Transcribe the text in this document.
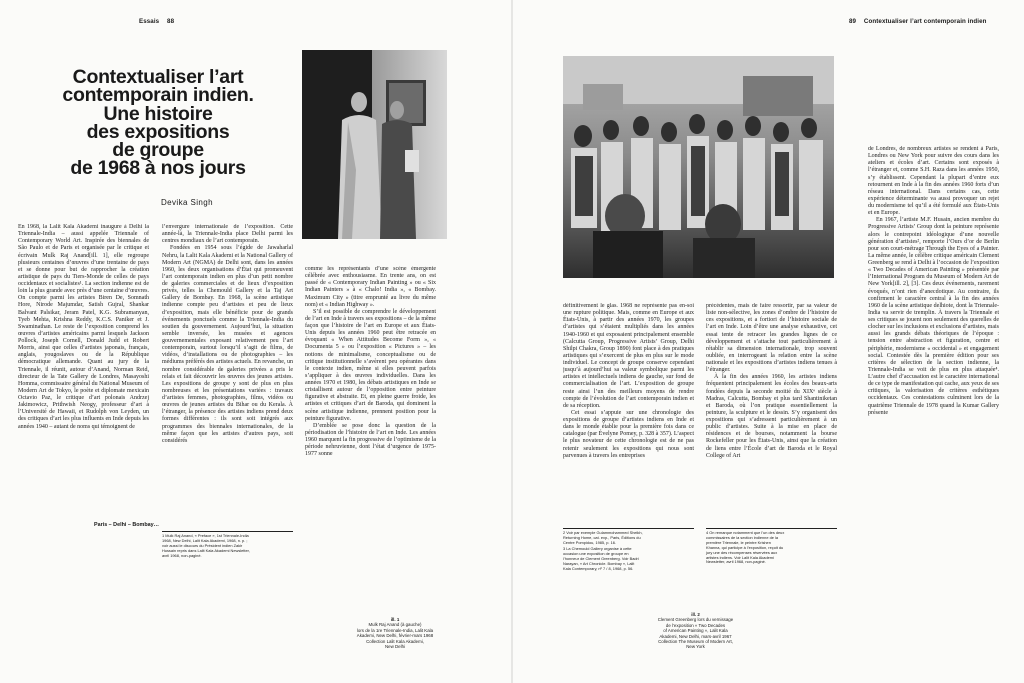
Essais 88
Contextualiser l’art
contemporain indien.
Une histoire
des expositions
de groupe
de 1968 à nos jours
Devika Singh

En 1968, la Lalit Kala Akademi inaugure à Delhi la Triennale-India – aussi appelée Triennale of Contemporary World Art. Inspirée des biennales de São Paulo et de Paris et organisée par le critique et écrivain Mulk Raj Anand[ill. 1], elle regroupe plusieurs centaines d’œuvres d’une trentaine de pays et se donne pour but de rapprocher la création artistique de pays du Tiers-Monde de celles de pays occidentaux et socialistes¹. La section indienne est de loin la plus grande avec près d’une centaine d’œuvres. On compte parmi les artistes Biren De, Somnath Hore, Nirode Majumdar, Satish Gujral, Shankar Balvant Palsikar, Jeram Patel, K.G. Subramanyan, Tyeb Mehta, Krishna Reddy, K.C.S. Paniker et J. Swaminathan. Le reste de l’exposition comprend les œuvres d’artistes américains parmi lesquels Jackson Pollock, Joseph Cornell, Donald Judd et Robert Morris, ainsi que celles d’artistes japonais, français, anglais, yougoslaves ou de la République démocratique allemande. Quant au jury de la Triennale, il réunit, autour d’Anand, Norman Reid, directeur de la Tate Gallery de Londres, Masayoshi Homma, commissaire général du National Museum of Modern Art de Tokyo, le poète et diplomate mexicain Octavio Paz, le critique d’art polonais Andrzej Jakimowicz, Prithwish Neogy, professeur d’art à l’Université de Hawaii, et Rudolph von Leyden, un des critiques d’art les plus influents en Inde depuis les années 1940 – autant de noms qui témoignent de

Paris – Delhi – Bombay…

l’envergure internationale de l’exposition. Cette année-là, la Triennale-India place Delhi parmi les centres mondiaux de l’art contemporain.

Fondées en 1954 sous l’égide de Jawaharlal Nehru, la Lalit Kala Akademi et la National Gallery of Modern Art (NGMA) de Delhi sont, dans les années 1960, les deux organisations d’État qui promeuvent l’art contemporain indien en plus d’un petit nombre de galeries commerciales et de lieux d’exposition privés, telles la Chemould Gallery et la Taj Art Gallery de Bombay. En 1968, la scène artistique indienne compte peu d’artistes et peu de lieux d’exposition, mais elle bénéficie pour de grands événements ponctuels comme la Triennale-India du soutien du gouvernement. Aujourd’hui, la situation semble inversée, les musées et agences gouvernementales exposant relativement peu l’art contemporain, surtout lorsqu’il s’agit de films, de vidéos, d’installations ou de photographies – les médiums préférés des artistes actuels. En revanche, un nombre considérable de galeries privées a pris le relais et fait découvrir les œuvres des jeunes artistes. Les expositions de groupe y sont de plus en plus nombreuses et les présentations variées : travaux d’artistes femmes, photographies, films, vidéos ou œuvres de jeunes artistes du Bihar ou du Kerala. À l’étranger, la présence des artistes indiens prend deux formes différentes : ils sont soit intégrés aux programmes des biennales internationales, de la même façon que les artistes d’autres pays, soit considérés

comme les représentants d’une scène émergente célébrée avec enthousiasme. En trente ans, on est passé de « Contemporary Indian Painting » ou « Six Indian Painters » à « Chalo! India », « Bombay. Maximum City » (titre emprunté au livre du même nom) et « Indian Highway ».

S’il est possible de comprendre le développement de l’art en Inde à travers ses expositions – de la même façon que l’histoire de l’art en Europe et aux États-Unis depuis les années 1960 peut être retracée en évoquant « When Attitudes Become Form », « Documenta 5 » ou l’exposition « Pictures » – les notions de minimalisme, conceptualisme ou de critique institutionnelle s’avèrent peu opérantes dans le contexte indien, même si elles peuvent parfois s’appliquer à des œuvres individuelles. Dans les années 1970 et 1980, les débats artistiques en Inde se cristallisent autour de l’opposition entre peinture figurative et abstraite. Et, en pleine guerre froide, les artistes et critiques d’art de Baroda, qui dominent la scène artistique indienne, prennent position pour la peinture figurative.

D’emblée se pose donc la question de la périodisation de l’histoire de l’art en Inde. Les années 1960 marquent la fin progressive de l’optimisme de la période nehruvienne, dont l’état d’urgence de 1975-1977 sonne

1 Mulk Raj Anand, « Preface », 1st Triennale-India 1968, New Delhi, Lalit Kala Akademi, 1968, n. p. ; voir aussi le discours du Président indien Zakir Hussain repris dans Lalit Kala Akademi Newsletter, avril 1968, non-paginé.

ill. 1
Mulk Raj Anand (à gauche)
lors de la 1re Triennale-India, Lalit Kala
Akademi, New Delhi, février-mars 1968
Collection Lalit Kala Akademi,
New Delhi
89 Contextualiser l’art contemporain indien

définitivement le glas. 1968 ne représente pas en-soi une rupture politique. Mais, comme en Europe et aux États-Unis, à partir des années 1970, les groupes d’artistes qui s’étaient multipliés dans les années 1940-1960 et qui exposaient principalement ensemble (Calcutta Group, Progressive Artists’ Group, Delhi Shilpi Chakra, Group 1890) font place à des pratiques artistiques qui s’exercent de plus en plus sur le mode individuel. Le concept de groupe conserve cependant jusqu’à aujourd’hui sa valeur symbolique parmi les artistes et intellectuels indiens de gauche, sur fond de commercialisation de l’art. L’exposition de groupe reste ainsi l’un des meilleurs moyens de rendre compte de l’évolution de l’art contemporain indien et de sa réception.

Cet essai s’appuie sur une chronologie des expositions de groupe d’artistes indiens en Inde et dans le monde établie pour la première fois dans ce catalogue (par Évelyne Pomey, p. 328 à 357). L’aspect le plus novateur de cette chronologie est de ne pas retenir seulement les expositions qui nous sont parvenues à travers les entreprises

précédentes, mais de faire ressortir, par sa valeur de liste non-sélective, les zones d’ombre de l’histoire de ces expositions, et a fortiori de l’histoire sociale de l’art en Inde. Loin d’être une analyse exhaustive, cet essai tente de retracer les grandes lignes de ce développement et s’attache tout particulièrement à rétablir sa dimension internationale, trop souvent oubliée, en interrogeant la relation entre la scène nationale et les expositions d’artistes indiens tenues à l’étranger.

À la fin des années 1960, les artistes indiens fréquentent principalement les écoles des beaux-arts fondées depuis la seconde moitié du XIXᵉ siècle à Madras, Calcutta, Bombay et plus tard Shantiniketan et Baroda, où l’on pratique essentiellement la peinture, la sculpture et le dessin. S’y organisent des expositions qui s’adressent particulièrement à un public d’artistes. Suite à la mise en place de résidences et de bourses, notamment la bourse Rockefeller pour les États-Unis, ainsi que la création de liens entre l’École d’art de Baroda et le Royal College of Art

de Londres, de nombreux artistes se rendent à Paris, Londres ou New York pour suivre des cours dans les ateliers et écoles d’art. Certains sont exposés à l’étranger et, comme S.H. Raza dans les années 1950, s’y établissent. Cependant la plupart d’entre eux retournent en Inde à la fin des années 1960 forts d’un réseau international. Dans certains cas, cette expérience déterminante va aussi provoquer un rejet du modernisme tel qu’il a été formulé aux États-Unis et en Europe.

En 1967, l’artiste M.F. Husain, ancien membre du Progressive Artists’ Group dont la peinture représente alors le contrepoint idéologique d’une nouvelle génération d’artistes², remporte l’Ours d’or de Berlin pour son court-métrage Through the Eyes of a Painter. La même année, le célèbre critique américain Clement Greenberg se rend à Delhi à l’occasion de l’exposition « Two Decades of American Painting » présentée par l’International Program du Museum of Modern Art de New York[ill. 2], [3]. Ces deux événements, rarement évoqués, n’ont rien d’anecdotique. Au contraire, ils confirment le caractère central à la fin des années 1960 de la scène artistique delhiote, dont la Triennale-India va servir de tremplin. À travers la Triennale et ses critiques se jouent non seulement des querelles de clocher sur les inclusions et exclusions d’artistes, mais aussi les grands débats théoriques de l’époque : tension entre abstraction et figuration, centre et périphérie, modernisme « occidental » et engagement social. Contestée dès la première édition pour ses critères de sélection de la section indienne, la Triennale-India se voit de plus en plus attaquée⁴. L’autre chef d’accusation est le caractère international de ce type de manifestation qui cache, aux yeux de ses critiques, la valorisation de critères esthétiques occidentaux. Ces contestations culminent lors de la quatrième Triennale de 1978 quand la Kumar Gallery présente

2 Voir par exemple Gulammohammed Sheikh, Returning Home, cat. exp., Paris, Éditions du Centre Pompidou, 1985, p. 16.

3 La Chemould Gallery organise à cette occasion une exposition de groupe en l’honneur de Clement Greenberg. Voir Badri Narayan, « Art Chronicle. Bombay », Lalit Kala Contemporary, nº 7 / 8, 1968, p. 56.

4 On remarque notamment que l’un des deux commissaires de la section indienne de la première Triennale, le peintre Krishen Khanna, qui participe à l’exposition, reçoit du jury une des récompenses réservées aux artistes indiens. Voir Lalit Kala Akademi Newsletter, avril 1968, non-paginé.

ill. 2
Clement Greenberg lors du vernissage
de l’exposition « Two Decades
of American Painting », Lalit Kala
Akademi, New Delhi, mars-avril 1967
Collection The Museum of Modern Art,
New York
